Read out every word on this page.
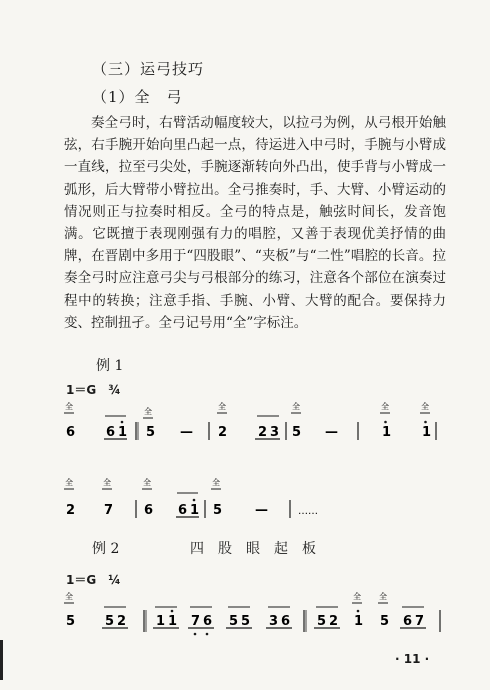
（三）运弓技巧
（1）全　弓

奏全弓时，右臂活动幅度较大，以拉弓为例，从弓根开始触弦，右手腕开始向里凸起一点，待运进入中弓时，手腕与小臂成一直线，拉至弓尖处，手腕逐渐转向外凸出，使手背与小臂成一弧形，后大臂带小臂拉出。全弓推奏时，手、大臂、小臂运动的情况则正与拉奏时相反。全弓的特点是，触弦时间长，发音饱满。它既擅于表现刚强有力的唱腔，又善于表现优美抒情的曲牌，在晋剧中多用于“四股眼”、“夹板”与“二性”唱腔的长音。拉奏全弓时应注意弓尖与弓根部分的练习，注意各个部位在演奏过程中的转换；注意手指、手腕、小臂、大臂的配合。要保持力变、控制扭孑。全弓记号用“全”字标注。

例 1
1＝G　¾
全
全
全	全	全	全
6 6 1 5 — 2 2 3 5 —	1 1
全	全	全	全
2 7 6 6 1 5	—	……
例 2	四股眼起板
1＝G　¼
全	全 全
5 5 2 1 1 7 6 5 5 3 6 5 2 1 5 6 7
· 11 ·
